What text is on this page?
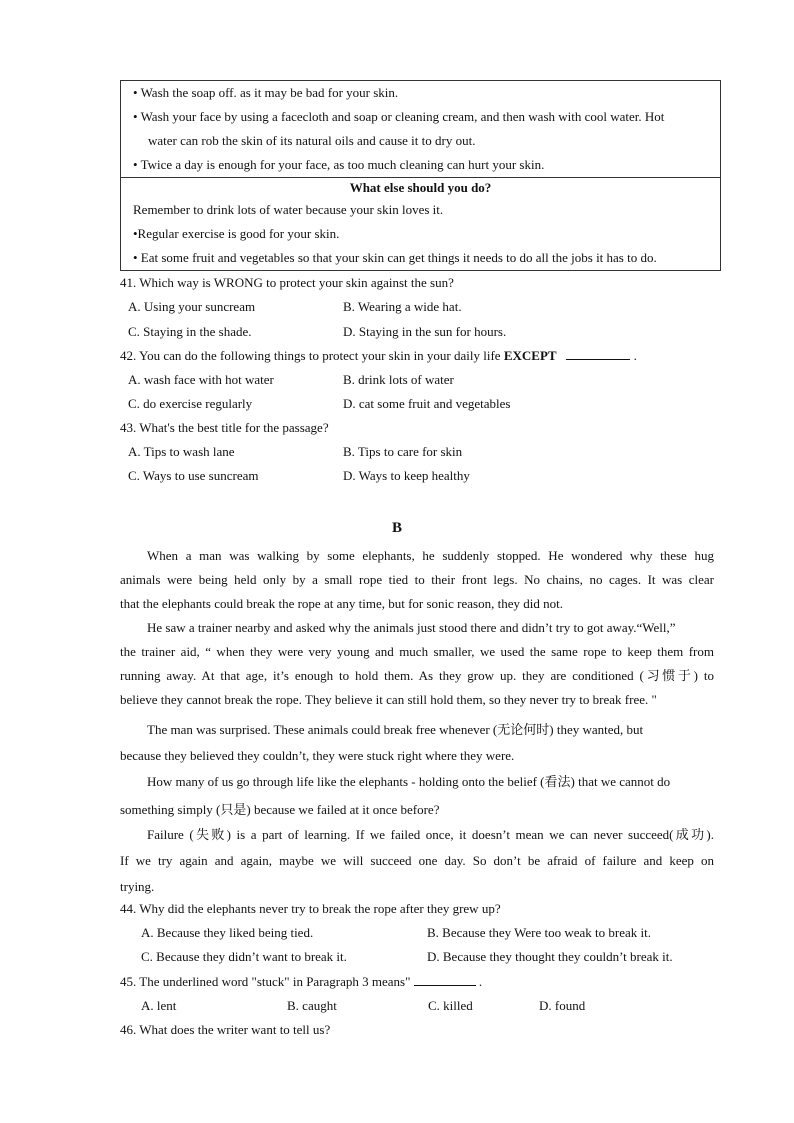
• Wash the soap off. as it may be bad for your skin.
• Wash your face by using a facecloth and soap or cleaning cream, and then wash with cool water. Hot
water can rob the skin of its natural oils and cause it to dry out.
• Twice a day is enough for your face, as too much cleaning can hurt your skin.
What else should you do?
Remember to drink lots of water because your skin loves it.
•Regular exercise is good for your skin.
• Eat some fruit and vegetables so that your skin can get things it needs to do all the jobs it has to do.
41. Which way is WRONG to protect your skin against the sun?
A. Using your suncream	B. Wearing a wide hat.
C. Staying in the shade.	D. Staying in the sun for hours.
42. You can do the following things to protect your skin in your daily life EXCEPT	.
A. wash face with hot water	B. drink lots of water
C. do exercise regularly	D. cat some fruit and vegetables
43. What's the best title for the passage?
A. Tips to wash lane	B. Tips to care for skin
C. Ways to use suncream	D. Ways to keep healthy
B
When a man was walking by some elephants, he suddenly stopped. He wondered why these hug
animals were being held only by a small rope tied to their front legs. No chains, no cages. It was clear
that the elephants could break the rope at any time, but for sonic reason, they did not.
He saw a trainer nearby and asked why the animals just stood there and didn’t try to got away.“Well,”
the trainer aid, “ when they were very young and much smaller, we used the same rope to keep them from
running away. At that age, it’s enough to hold them. As they grow up. they are conditioned (习惯于) to
believe they cannot break the rope. They believe it can still hold them, so they never try to break free. "
The man was surprised. These animals could break free whenever (无论何时) they wanted, but
because they believed they couldn’t, they were stuck right where they were.
How many of us go through life like the elephants - holding onto the belief (看法) that we cannot do
something simply (只是) because we failed at it once before?
Failure (失败) is a part of learning. If we failed once, it doesn’t mean we can never succeed(成功).
If we try again and again, maybe we will succeed one day. So don’t be afraid of failure and keep on
trying.
44. Why did the elephants never try to break the rope after they grew up?
A. Because they liked being tied.	B. Because they Were too weak to break it.
C. Because they didn’t want to break it.	D. Because they thought they couldn’t break it.
45. The underlined word "stuck" in Paragraph 3 means"	.
A. lent	B. caught	C. killed	D. found
46. What does the writer want to tell us?
